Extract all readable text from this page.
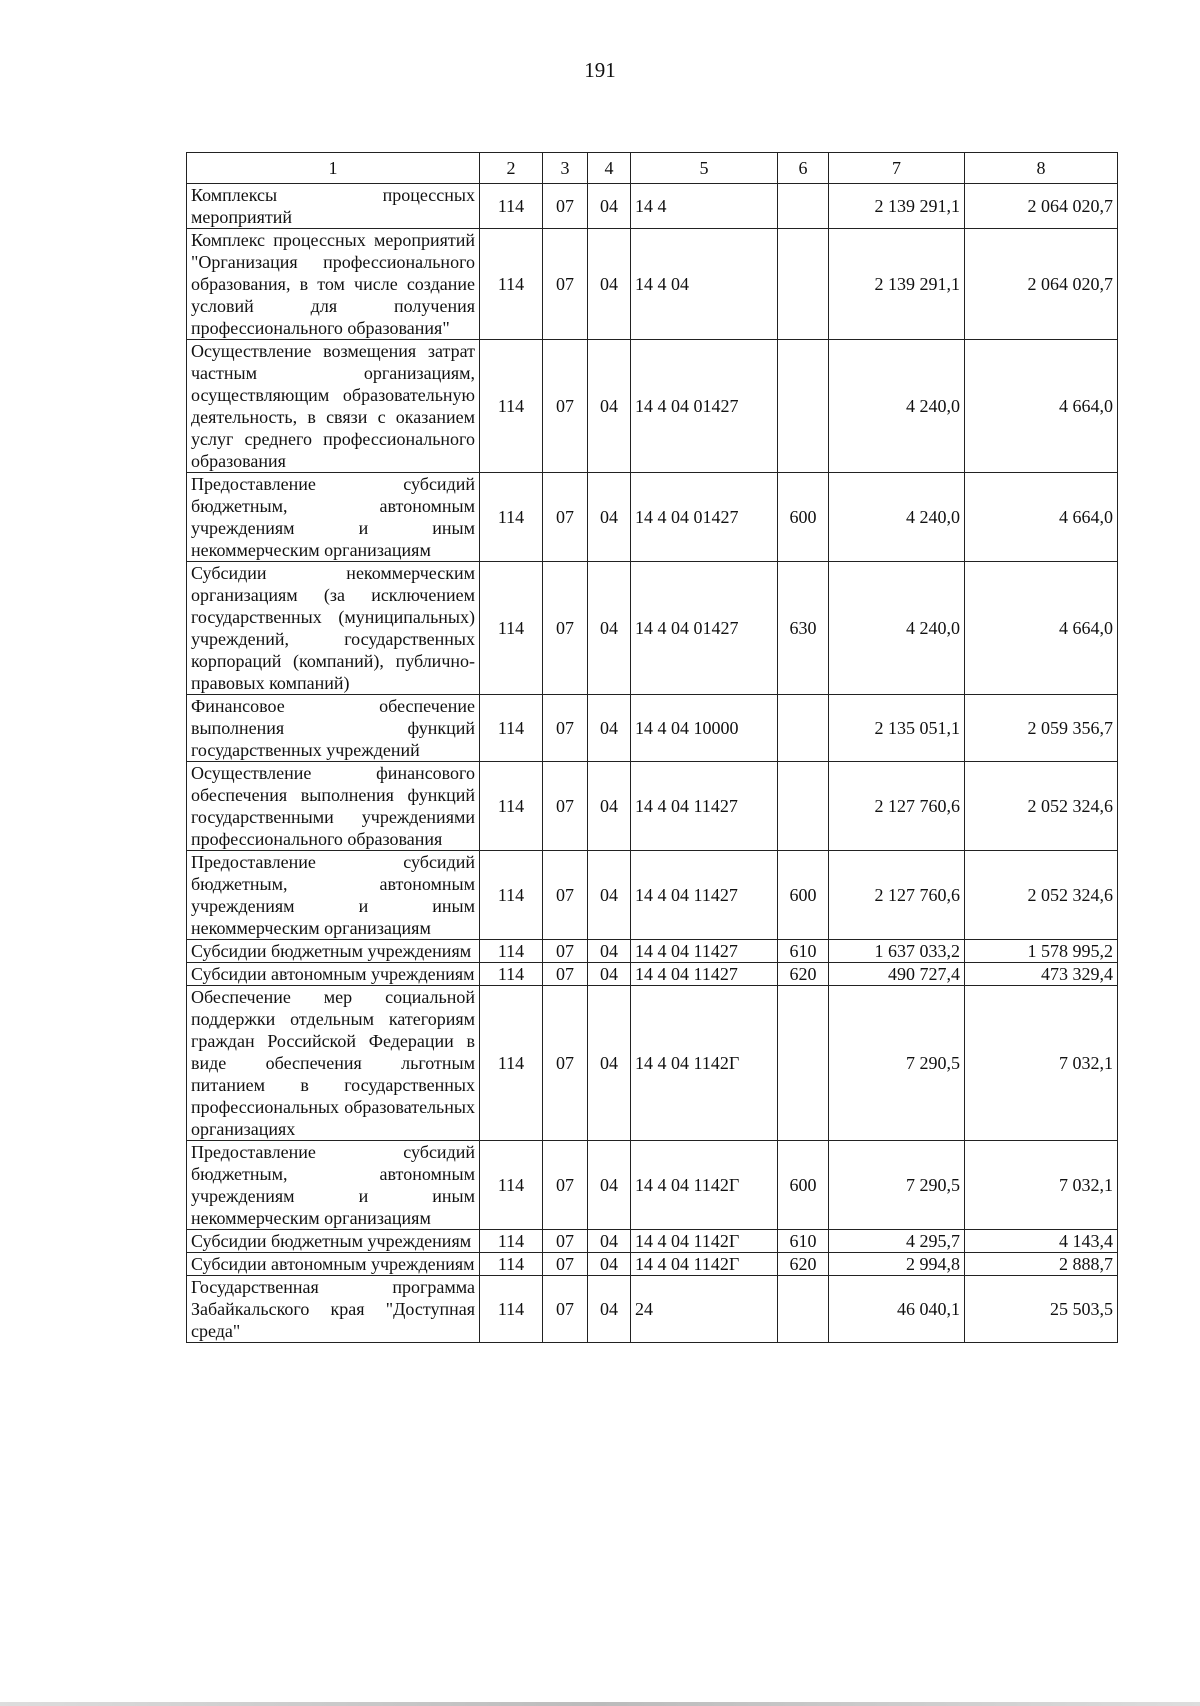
191
1	2	3	4	5	6	7	8
Комплексы процессных мероприятий	114	07	04	14 4		2 139 291,1	2 064 020,7
Комплекс процессных мероприятий "Организация профессионального образования, в том числе создание условий для получения профессионального образования"	114	07	04	14 4 04		2 139 291,1	2 064 020,7
Осуществление возмещения затрат частным организациям, осуществляющим образовательную деятельность, в связи с оказанием услуг среднего профессионального образования	114	07	04	14 4 04 01427		4 240,0	4 664,0
Предоставление субсидий бюджетным, автономным учреждениям и иным некоммерческим организациям	114	07	04	14 4 04 01427	600	4 240,0	4 664,0
Субсидии некоммерческим организациям (за исключением государственных (муниципальных) учреждений, государственных корпораций (компаний), публично-правовых компаний)	114	07	04	14 4 04 01427	630	4 240,0	4 664,0
Финансовое обеспечение выполнения функций государственных учреждений	114	07	04	14 4 04 10000		2 135 051,1	2 059 356,7
Осуществление финансового обеспечения выполнения функций государственными учреждениями профессионального образования	114	07	04	14 4 04 11427		2 127 760,6	2 052 324,6
Предоставление субсидий бюджетным, автономным учреждениям и иным некоммерческим организациям	114	07	04	14 4 04 11427	600	2 127 760,6	2 052 324,6
Субсидии бюджетным учреждениям	114	07	04	14 4 04 11427	610	1 637 033,2	1 578 995,2
Субсидии автономным учреждениям	114	07	04	14 4 04 11427	620	490 727,4	473 329,4
Обеспечение мер социальной поддержки отдельным категориям граждан Российской Федерации в виде обеспечения льготным питанием в государственных профессиональных образовательных организациях	114	07	04	14 4 04 1142Г		7 290,5	7 032,1
Предоставление субсидий бюджетным, автономным учреждениям и иным некоммерческим организациям	114	07	04	14 4 04 1142Г	600	7 290,5	7 032,1
Субсидии бюджетным учреждениям	114	07	04	14 4 04 1142Г	610	4 295,7	4 143,4
Субсидии автономным учреждениям	114	07	04	14 4 04 1142Г	620	2 994,8	2 888,7
Государственная программа Забайкальского края "Доступная среда"	114	07	04	24		46 040,1	25 503,5
